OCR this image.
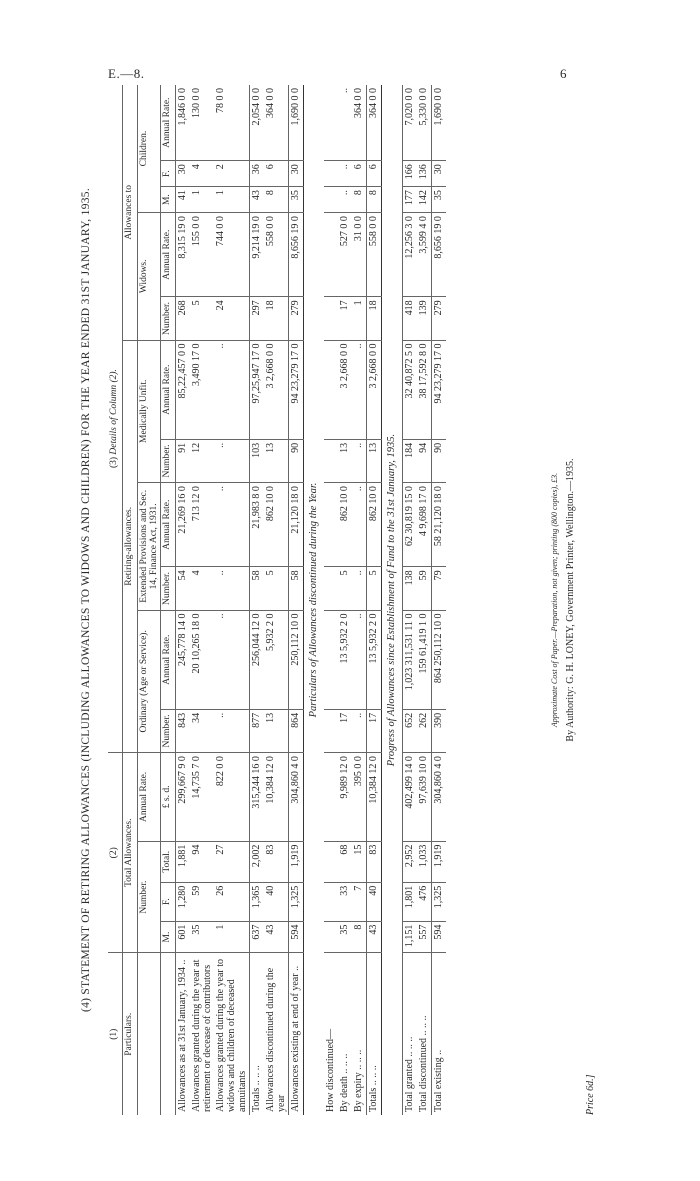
E.—8.	6
(4) STATEMENT OF RETIRING ALLOWANCES (INCLUDING ALLOWANCES TO WIDOWS AND CHILDREN) FOR THE YEAR ENDED 31ST JANUARY, 1935.
(1)	(2)				(3) Details of Column (2).										
Particulars.	Total Allowances.				Retiring-allowances.						Allowances to				
	Number.			Annual Rate.	Ordinary (Age or Service).		Extended Provisions and Sec. 14, Finance Act, 1931.		Medically Unfit.		Widows.		Children.		
	M.	F.	Total.	£ s. d.	Number.	Annual Rate.	Number.	Annual Rate.	Number.	Annual Rate.	Number.	Annual Rate.	M.	F.	Annual Rate.
Allowances as at 31st January, 1934 ..	601	1,280	1,881	299,667 9 0	843	245,778 14 0	54	21,269 16 0	91	85,22,457 0 0	268	8,315 19 0	41	30	1,846 0 0
Allowances granted during the year at retirement or decease of contributors	35	59	94	14,735 7 0	34	20 10,265 18 0	4	713 12 0	12	3,490 17 0	5	155 0 0	1	4	130 0 0
Allowances granted during the year to widows and children of deceased annuitants	1	26	27	822 0 0	..	..	..	..	..	..	24	744 0 0	1	2	78 0 0
Totals .. .. ..	637	1,365	2,002	315,244 16 0	877	256,044 12 0	58	21,983 8 0	103	97,25,947 17 0	297	9,214 19 0	43	36	2,054 0 0
Allowances discontinued during the year	43	40	83	10,384 12 0	13	5,932 2 0	5	862 10 0	13	3 2,668 0 0	18	558 0 0	8	6	364 0 0
Allowances existing at end of year ..	594	1,325	1,919	304,860 4 0	864	250,112 10 0	58	21,120 18 0	90	94 23,279 17 0	279	8,656 19 0	35	30	1,690 0 0
Particulars of Allowances discontinued during the Year.															
How discontinued—															
By death .. .. ..	35	33	68	9,989 12 0	17	13 5,932 2 0	5	862 10 0	13	3 2,668 0 0	17	527 0 0	..	..	..
By expiry .. .. ..	8	7	15	395 0 0	..	..	..	..	..	..	1	31 0 0	8	6	364 0 0
Totals .. .. ..	43	40	83	10,384 12 0	17	13 5,932 2 0	5	862 10 0	13	3 2,668 0 0	18	558 0 0	8	6	364 0 0
Progress of Allowances since Establishment of Fund to the 31st January, 1935.															
Total granted .. .. ..	1,151	1,801	2,952	402,499 14 0	652	1,023 311,531 11 0	138	62 30,819 15 0	184	32 40,872 5 0	418	12,256 3 0	177	166	7,020 0 0
Total discontinued .. .. ..	557	476	1,033	97,639 10 0	262	159 61,419 1 0	59	4 9,698 17 0	94	38 17,592 8 0	139	3,599 4 0	142	136	5,330 0 0
Total existing ..	594	1,325	1,919	304,860 4 0	390	864 250,112 10 0	79	58 21,120 18 0	90	94 23,279 17 0	279	8,656 19 0	35	30	1,690 0 0
Approximate Cost of Paper.—Preparation, not given; printing (800 copies), £3. By Authority: G. H. LONEY, Government Printer, Wellington.—1935.
Price 6d.]
